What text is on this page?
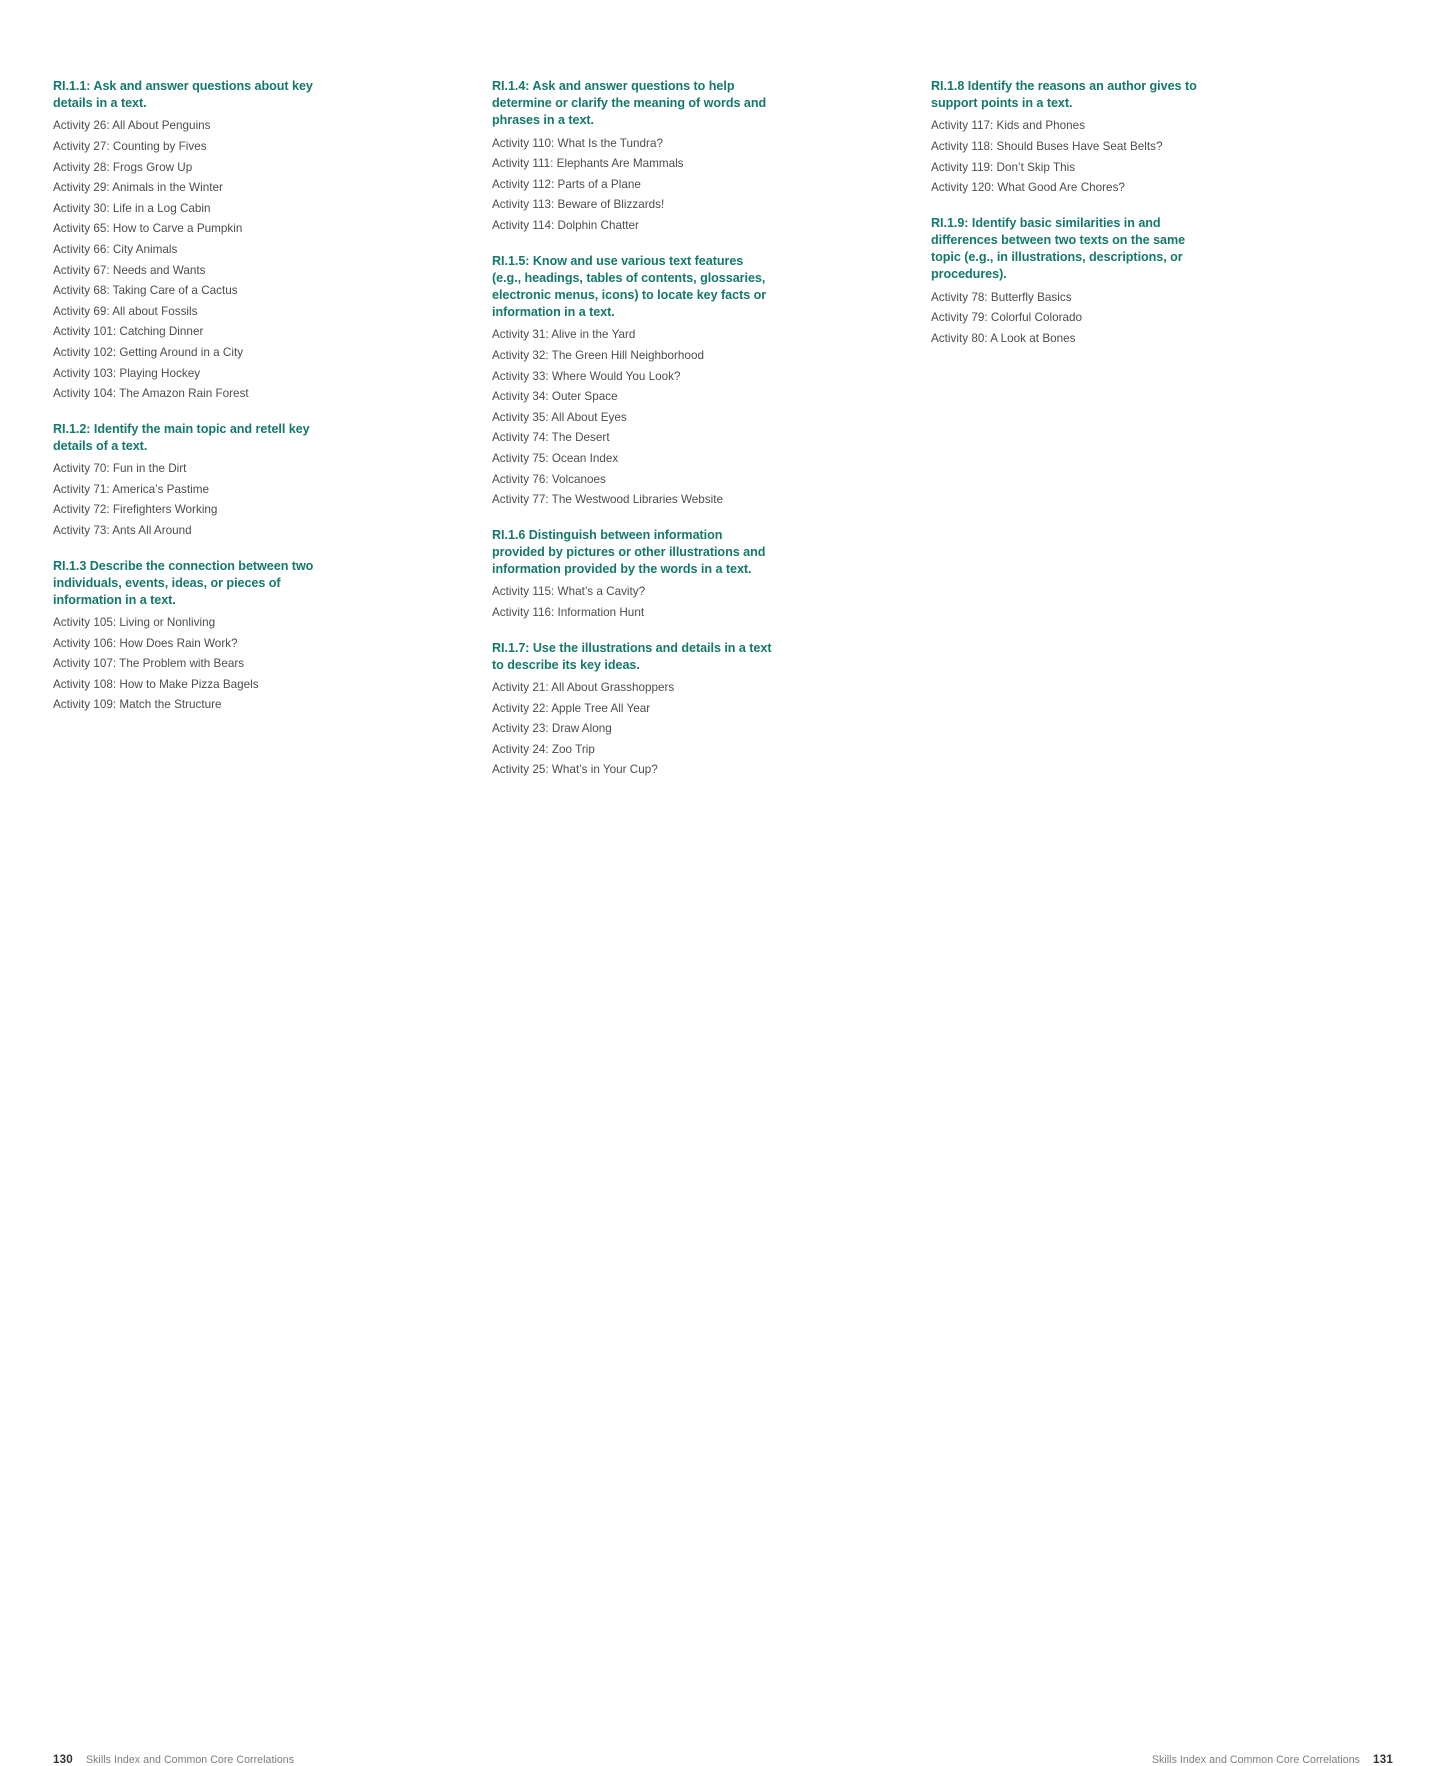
RI.1.1: Ask and answer questions about key details in a text.
Activity 26: All About Penguins
Activity 27: Counting by Fives
Activity 28: Frogs Grow Up
Activity 29: Animals in the Winter
Activity 30: Life in a Log Cabin
Activity 65: How to Carve a Pumpkin
Activity 66: City Animals
Activity 67: Needs and Wants
Activity 68: Taking Care of a Cactus
Activity 69: All about Fossils
Activity 101: Catching Dinner
Activity 102: Getting Around in a City
Activity 103: Playing Hockey
Activity 104: The Amazon Rain Forest
RI.1.2: Identify the main topic and retell key details of a text.
Activity 70: Fun in the Dirt
Activity 71: America’s Pastime
Activity 72: Firefighters Working
Activity 73: Ants All Around
RI.1.3 Describe the connection between two individuals, events, ideas, or pieces of information in a text.
Activity 105: Living or Nonliving
Activity 106: How Does Rain Work?
Activity 107: The Problem with Bears
Activity 108: How to Make Pizza Bagels
Activity 109: Match the Structure
RI.1.4: Ask and answer questions to help determine or clarify the meaning of words and phrases in a text.
Activity 110: What Is the Tundra?
Activity 111: Elephants Are Mammals
Activity 112: Parts of a Plane
Activity 113: Beware of Blizzards!
Activity 114: Dolphin Chatter
RI.1.5: Know and use various text features (e.g., headings, tables of contents, glossaries, electronic menus, icons) to locate key facts or information in a text.
Activity 31: Alive in the Yard
Activity 32: The Green Hill Neighborhood
Activity 33: Where Would You Look?
Activity 34: Outer Space
Activity 35: All About Eyes
Activity 74: The Desert
Activity 75: Ocean Index
Activity 76: Volcanoes
Activity 77: The Westwood Libraries Website
RI.1.6 Distinguish between information provided by pictures or other illustrations and information provided by the words in a text.
Activity 115: What’s a Cavity?
Activity 116: Information Hunt
RI.1.7: Use the illustrations and details in a text to describe its key ideas.
Activity 21: All About Grasshoppers
Activity 22: Apple Tree All Year
Activity 23: Draw Along
Activity 24: Zoo Trip
Activity 25: What’s in Your Cup?
RI.1.8 Identify the reasons an author gives to support points in a text.
Activity 117: Kids and Phones
Activity 118: Should Buses Have Seat Belts?
Activity 119: Don’t Skip This
Activity 120: What Good Are Chores?
RI.1.9: Identify basic similarities in and differences between two texts on the same topic (e.g., in illustrations, descriptions, or procedures).
Activity 78: Butterfly Basics
Activity 79: Colorful Colorado
Activity 80: A Look at Bones
130 Skills Index and Common Core Correlations	Skills Index and Common Core Correlations 131
